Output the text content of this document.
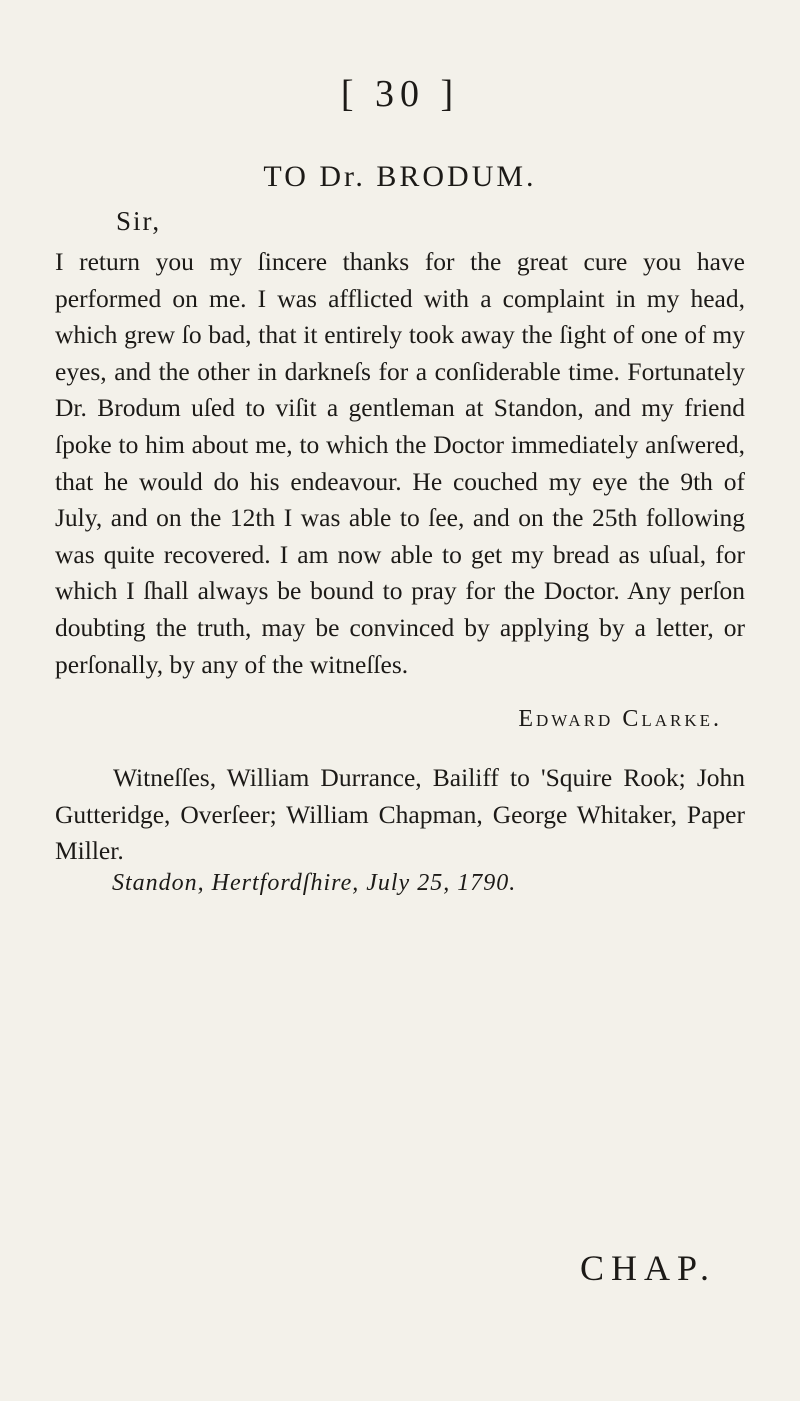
[ 30 ]
TO Dr. BRODUM.
Sir,

I return you my ſincere thanks for the great cure you have performed on me. I was afflicted with a complaint in my head, which grew ſo bad, that it entirely took away the ſight of one of my eyes, and the other in darkneſs for a conſiderable time. Fortunately Dr. Brodum uſed to viſit a gentleman at Standon, and my friend ſpoke to him about me, to which the Doctor immediately anſwered, that he would do his endeavour. He couched my eye the 9th of July, and on the 12th I was able to ſee, and on the 25th following was quite recovered. I am now able to get my bread as uſual, for which I ſhall always be bound to pray for the Doctor. Any perſon doubting the truth, may be convinced by applying by a letter, or perſonally, by any of the witneſſes.

Edward Clarke.

Witneſſes, William Durrance, Bailiff to 'Squire Rook; John Gutteridge, Overſeer; William Chapman, George Whitaker, Paper Miller.

Standon, Hertfordſhire, July 25, 1790.
CHAP.
